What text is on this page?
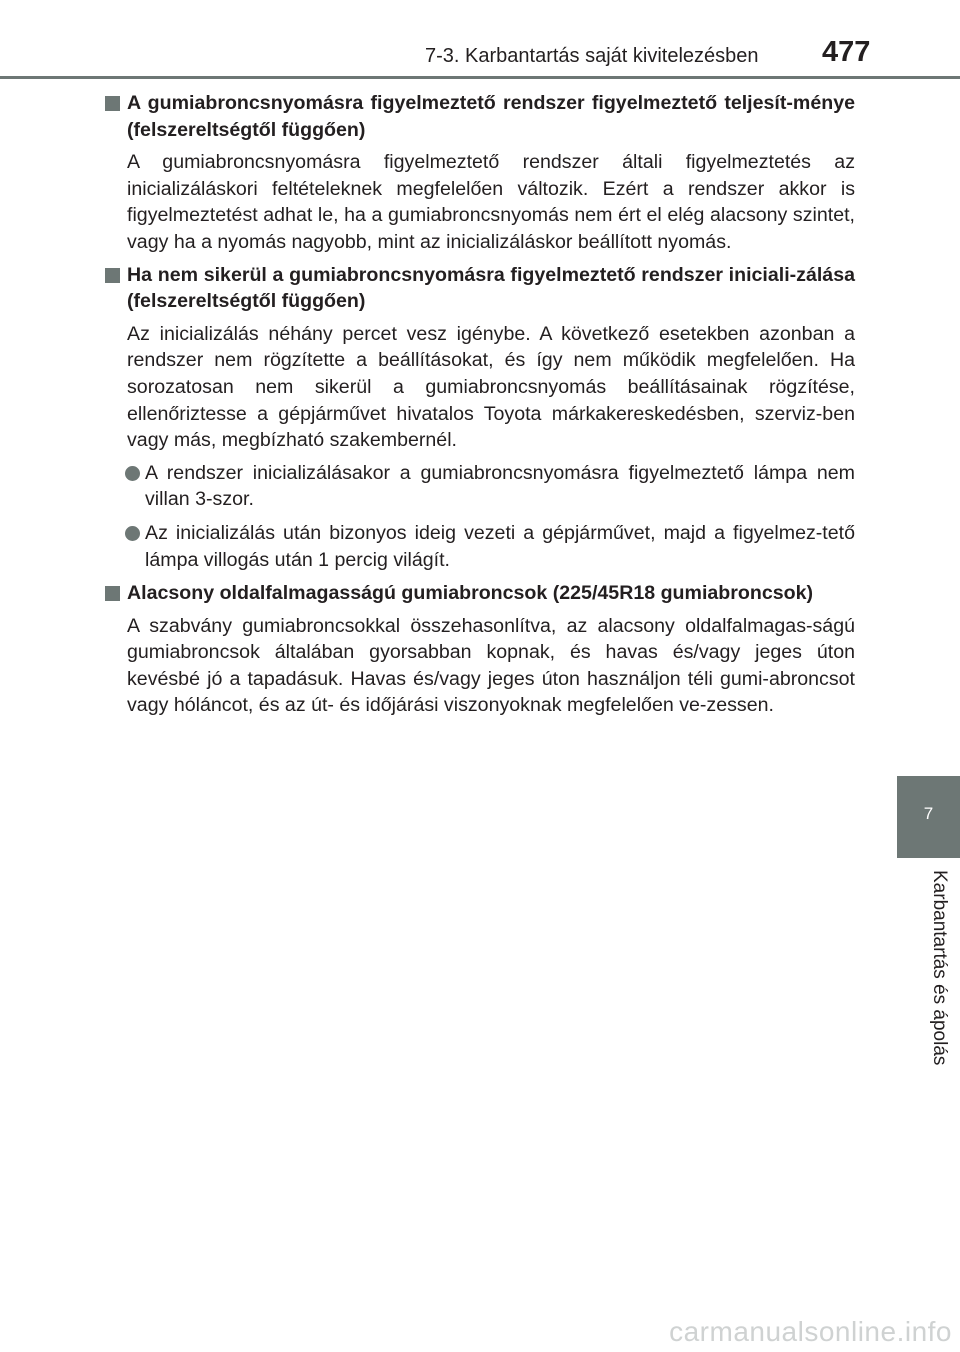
7-3. Karbantartás saját kivitelezésben	477
A gumiabroncsnyomásra figyelmeztető rendszer figyelmeztető teljesít-ménye (felszereltségtől függően)
A gumiabroncsnyomásra figyelmeztető rendszer általi figyelmeztetés az inicializáláskori feltételeknek megfelelően változik. Ezért a rendszer akkor is figyelmeztetést adhat le, ha a gumiabroncsnyomás nem ért el elég alacsony szintet, vagy ha a nyomás nagyobb, mint az inicializáláskor beállított nyomás.
Ha nem sikerül a gumiabroncsnyomásra figyelmeztető rendszer iniciali-zálása (felszereltségtől függően)
Az inicializálás néhány percet vesz igénybe. A következő esetekben azonban a rendszer nem rögzítette a beállításokat, és így nem működik megfelelően. Ha sorozatosan nem sikerül a gumiabroncsnyomás beállításainak rögzítése, ellenőriztesse a gépjárművet hivatalos Toyota márkakereskedésben, szerviz-ben vagy más, megbízható szakembernél.
A rendszer inicializálásakor a gumiabroncsnyomásra figyelmeztető lámpa nem villan 3-szor.
Az inicializálás után bizonyos ideig vezeti a gépjárművet, majd a figyelmez-tető lámpa villogás után 1 percig világít.
Alacsony oldalfalmagasságú gumiabroncsok (225/45R18 gumiabroncsok)
A szabvány gumiabroncsokkal összehasonlítva, az alacsony oldalfalmagas-ságú gumiabroncsok általában gyorsabban kopnak, és havas és/vagy jeges úton kevésbé jó a tapadásuk. Havas és/vagy jeges úton használjon téli gumi-abroncsot vagy hóláncot, és az út- és időjárási viszonyoknak megfelelően ve-zessen.
7
Karbantartás és ápolás
carmanualsonline.info
